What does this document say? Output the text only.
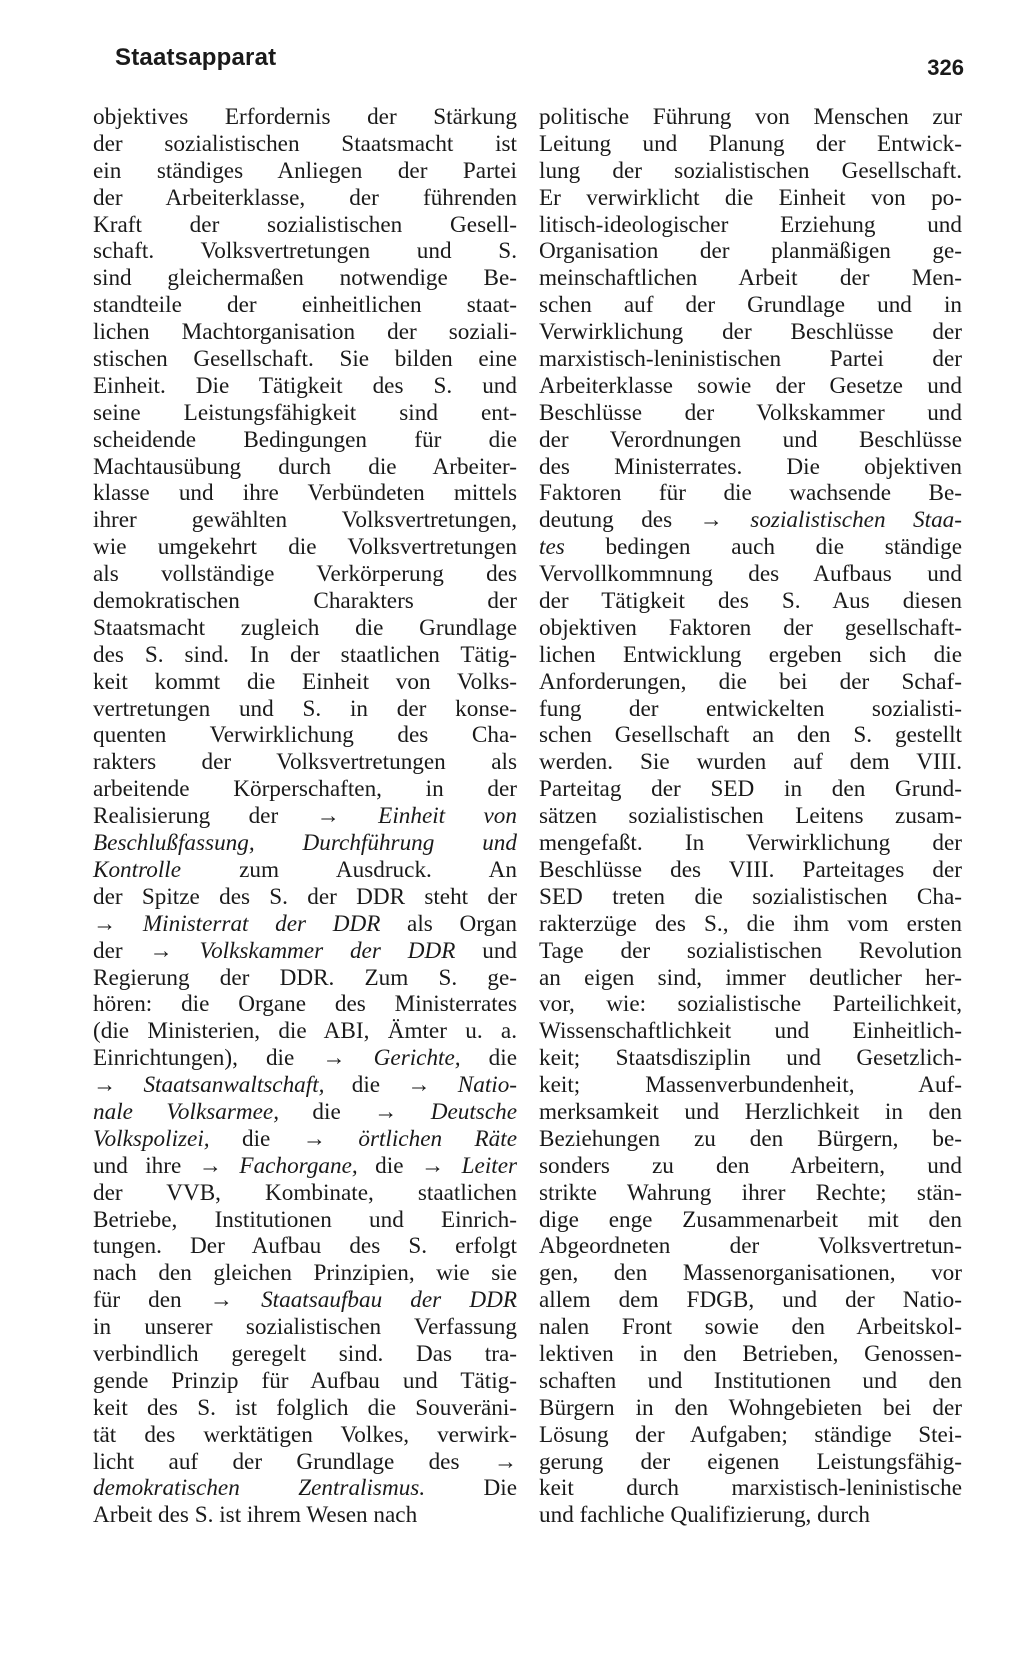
Staatsapparat	326
objektives Erfordernis der Stärkung
der sozialistischen Staatsmacht ist
ein ständiges Anliegen der Partei
der Arbeiterklasse, der führenden
Kraft der sozialistischen Gesell-
schaft. Volksvertretungen und S.
sind gleichermaßen notwendige Be-
standteile der einheitlichen staat-
lichen Machtorganisation der soziali-
stischen Gesellschaft. Sie bilden eine
Einheit. Die Tätigkeit des S. und
seine Leistungsfähigkeit sind ent-
scheidende Bedingungen für die
Machtausübung durch die Arbeiter-
klasse und ihre Verbündeten mittels
ihrer gewählten Volksvertretungen,
wie umgekehrt die Volksvertretungen
als vollständige Verkörperung des
demokratischen Charakters der
Staatsmacht zugleich die Grundlage
des S. sind. In der staatlichen Tätig-
keit kommt die Einheit von Volks-
vertretungen und S. in der konse-
quenten Verwirklichung des Cha-
rakters der Volksvertretungen als
arbeitende Körperschaften, in der
Realisierung der → Einheit von
Beschlußfassung, Durchführung und
Kontrolle zum Ausdruck. An
der Spitze des S. der DDR steht der
→ Ministerrat der DDR als Organ
der → Volkskammer der DDR und
Regierung der DDR. Zum S. ge-
hören: die Organe des Ministerrates
(die Ministerien, die ABI, Ämter u. a.
Einrichtungen), die → Gerichte, die
→ Staatsanwaltschaft, die → Natio-
nale Volksarmee, die → Deutsche
Volkspolizei, die → örtlichen Räte
und ihre → Fachorgane, die → Leiter
der VVB, Kombinate, staatlichen
Betriebe, Institutionen und Einrich-
tungen. Der Aufbau des S. erfolgt
nach den gleichen Prinzipien, wie sie
für den → Staatsaufbau der DDR
in unserer sozialistischen Verfassung
verbindlich geregelt sind. Das tra-
gende Prinzip für Aufbau und Tätig-
keit des S. ist folglich die Souveräni-
tät des werktätigen Volkes, verwirk-
licht auf der Grundlage des →
demokratischen Zentralismus. Die
Arbeit des S. ist ihrem Wesen nach
politische Führung von Menschen zur
Leitung und Planung der Entwick-
lung der sozialistischen Gesellschaft.
Er verwirklicht die Einheit von po-
litisch-ideologischer Erziehung und
Organisation der planmäßigen ge-
meinschaftlichen Arbeit der Men-
schen auf der Grundlage und in
Verwirklichung der Beschlüsse der
marxistisch-leninistischen Partei der
Arbeiterklasse sowie der Gesetze und
Beschlüsse der Volkskammer und
der Verordnungen und Beschlüsse
des Ministerrates. Die objektiven
Faktoren für die wachsende Be-
deutung des → sozialistischen Staa-
tes bedingen auch die ständige
Vervollkommnung des Aufbaus und
der Tätigkeit des S. Aus diesen
objektiven Faktoren der gesellschaft-
lichen Entwicklung ergeben sich die
Anforderungen, die bei der Schaf-
fung der entwickelten sozialisti-
schen Gesellschaft an den S. gestellt
werden. Sie wurden auf dem VIII.
Parteitag der SED in den Grund-
sätzen sozialistischen Leitens zusam-
mengefaßt. In Verwirklichung der
Beschlüsse des VIII. Parteitages der
SED treten die sozialistischen Cha-
rakterzüge des S., die ihm vom ersten
Tage der sozialistischen Revolution
an eigen sind, immer deutlicher her-
vor, wie: sozialistische Parteilichkeit,
Wissenschaftlichkeit und Einheitlich-
keit; Staatsdisziplin und Gesetzlich-
keit; Massenverbundenheit, Auf-
merksamkeit und Herzlichkeit in den
Beziehungen zu den Bürgern, be-
sonders zu den Arbeitern, und
strikte Wahrung ihrer Rechte; stän-
dige enge Zusammenarbeit mit den
Abgeordneten der Volksvertretun-
gen, den Massenorganisationen, vor
allem dem FDGB, und der Natio-
nalen Front sowie den Arbeitskol-
lektiven in den Betrieben, Genossen-
schaften und Institutionen und den
Bürgern in den Wohngebieten bei der
Lösung der Aufgaben; ständige Stei-
gerung der eigenen Leistungsfähig-
keit durch marxistisch-leninistische
und fachliche Qualifizierung, durch
